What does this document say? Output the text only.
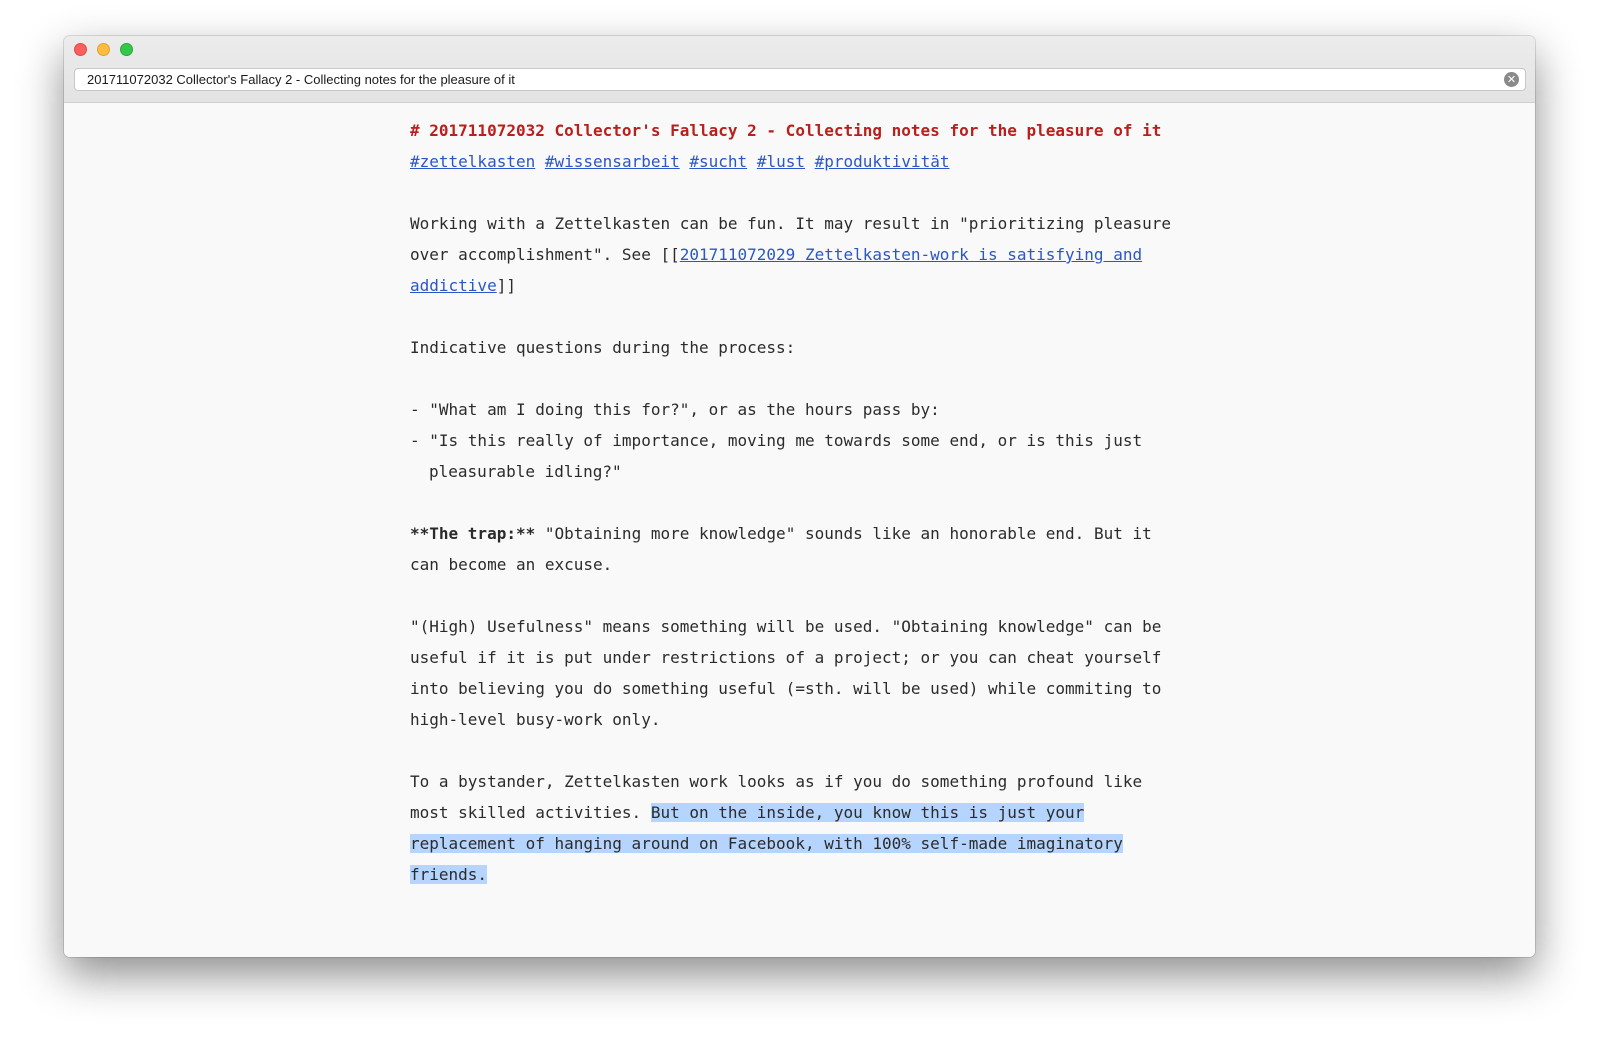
201711072032 Collector's Fallacy 2 - Collecting notes for the pleasure of it
✕

# 201711072032 Collector's Fallacy 2 - Collecting notes for the pleasure of it

#zettelkasten #wissensarbeit #sucht #lust #produktivität

Working with a Zettelkasten can be fun. It may result in "prioritizing pleasure over accomplishment". See [[201711072029 Zettelkasten-work is satisfying and addictive]]

Indicative questions during the process:

- "What am I doing this for?", or as the hours pass by:

- "Is this really of importance, moving me towards some end, or is this just pleasurable idling?"

**The trap:** "Obtaining more knowledge" sounds like an honorable end. But it can become an excuse.

"(High) Usefulness" means something will be used. "Obtaining knowledge" can be useful if it is put under restrictions of a project; or you can cheat yourself into believing you do something useful (=sth. will be used) while commiting to high-level busy-work only.

To a bystander, Zettelkasten work looks as if you do something profound like most skilled activities. But on the inside, you know this is just your replacement of hanging around on Facebook, with 100% self-made imaginatory friends.
